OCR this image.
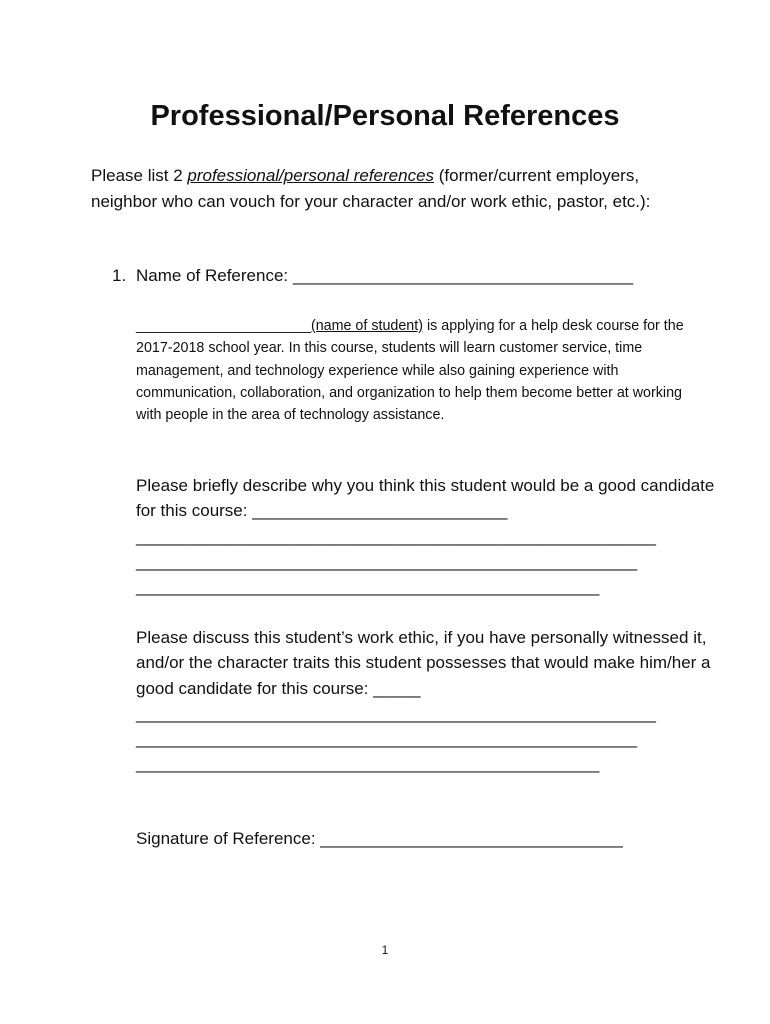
Professional/Personal References
Please list 2 professional/personal references (former/current employers, neighbor who can vouch for your character and/or work ethic, pastor, etc.):
1. Name of Reference: ____________________________________
______________________(name of student) is applying for a help desk course for the 2017-2018 school year. In this course, students will learn customer service, time management, and technology experience while also gaining experience with communication, collaboration, and organization to help them become better at working with people in the area of technology assistance.
Please briefly describe why you think this student would be a good candidate for this course: ___________________________
_______________________________________________________
_____________________________________________________
_________________________________________________
Please discuss this student’s work ethic, if you have personally witnessed it, and/or the character traits this student possesses that would make him/her a good candidate for this course: _____
_______________________________________________________
_____________________________________________________
_________________________________________________
Signature of Reference: ________________________________
1
